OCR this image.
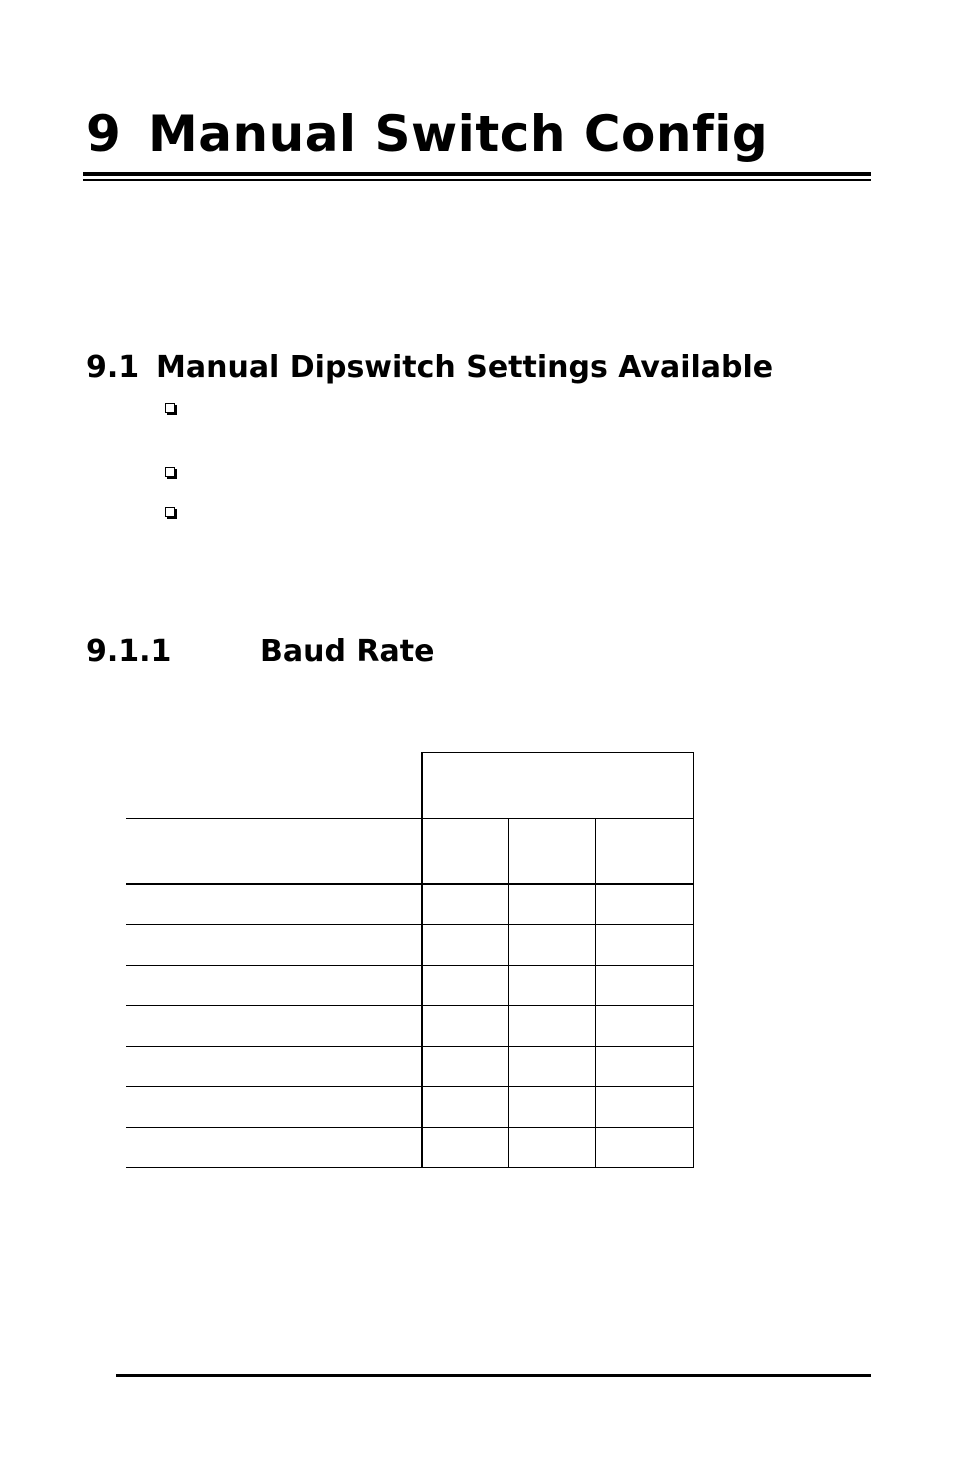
9 Manual Switch Config
9.1 Manual Dipswitch Settings Available
9.1.1	Baud Rate
